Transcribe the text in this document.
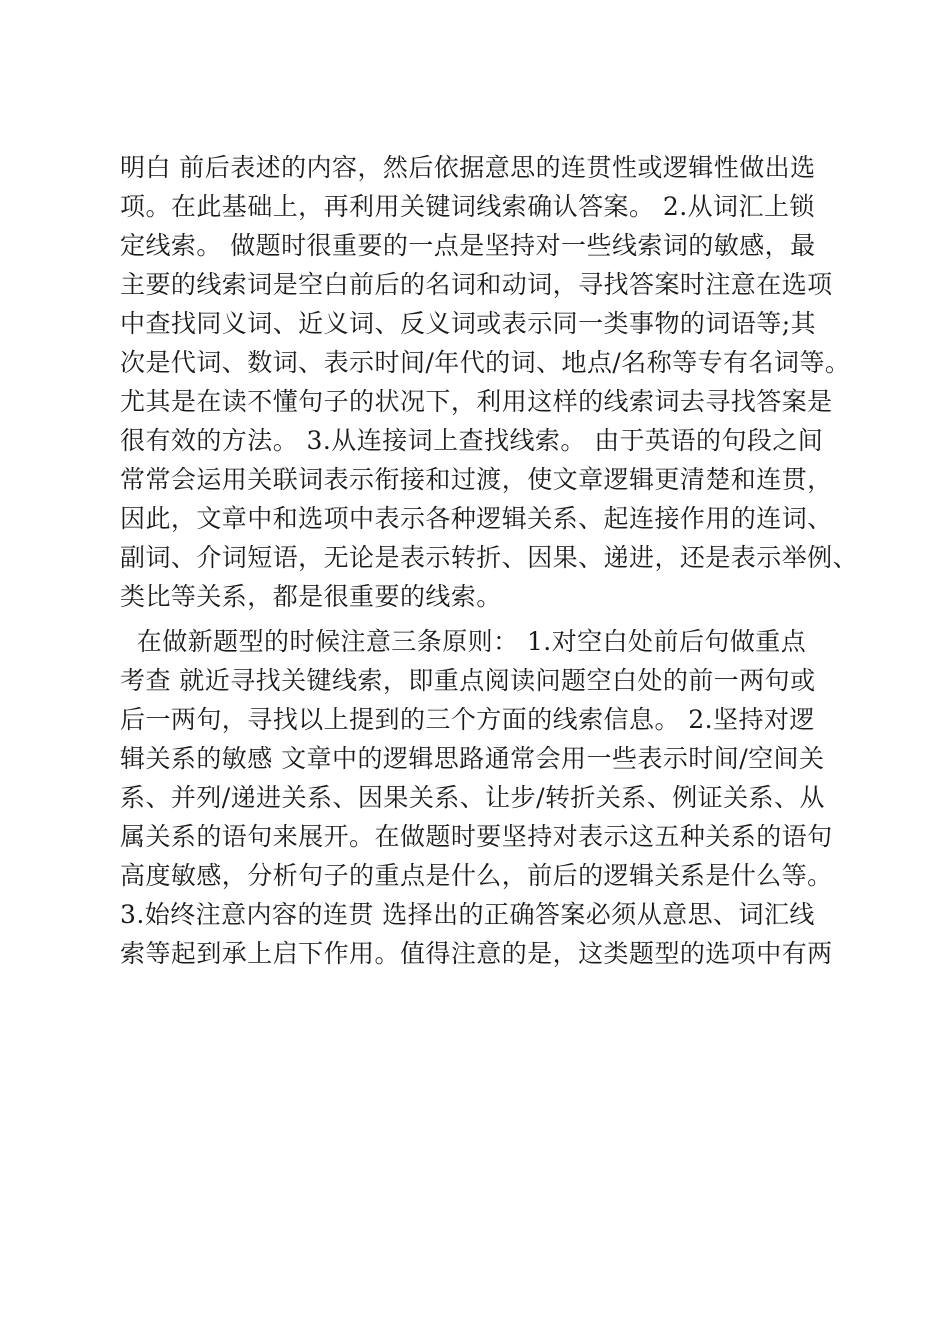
明白 前后表述的内容，然后依据意思的连贯性或逻辑性做出选
项。在此基础上，再利用关键词线索确认答案。 2.从词汇上锁
定线索。 做题时很重要的一点是坚持对一些线索词的敏感，最
主要的线索词是空白前后的名词和动词，寻找答案时注意在选项
中查找同义词、近义词、反义词或表示同一类事物的词语等;其
次是代词、数词、表示时间/年代的词、地点/名称等专有名词等。
尤其是在读不懂句子的状况下，利用这样的线索词去寻找答案是
很有效的方法。 3.从连接词上查找线索。 由于英语的句段之间
常常会运用关联词表示衔接和过渡，使文章逻辑更清楚和连贯，
因此，文章中和选项中表示各种逻辑关系、起连接作用的连词、
副词、介词短语，无论是表示转折、因果、递进，还是表示举例、
类比等关系，都是很重要的线索。
在做新题型的时候注意三条原则： 1.对空白处前后句做重点
考查 就近寻找关键线索，即重点阅读问题空白处的前一两句或
后一两句，寻找以上提到的三个方面的线索信息。 2.坚持对逻
辑关系的敏感 文章中的逻辑思路通常会用一些表示时间/空间关
系、并列/递进关系、因果关系、让步/转折关系、例证关系、从
属关系的语句来展开。在做题时要坚持对表示这五种关系的语句
高度敏感，分析句子的重点是什么，前后的逻辑关系是什么等。
3.始终注意内容的连贯 选择出的正确答案必须从意思、词汇线
索等起到承上启下作用。值得注意的是，这类题型的选项中有两
